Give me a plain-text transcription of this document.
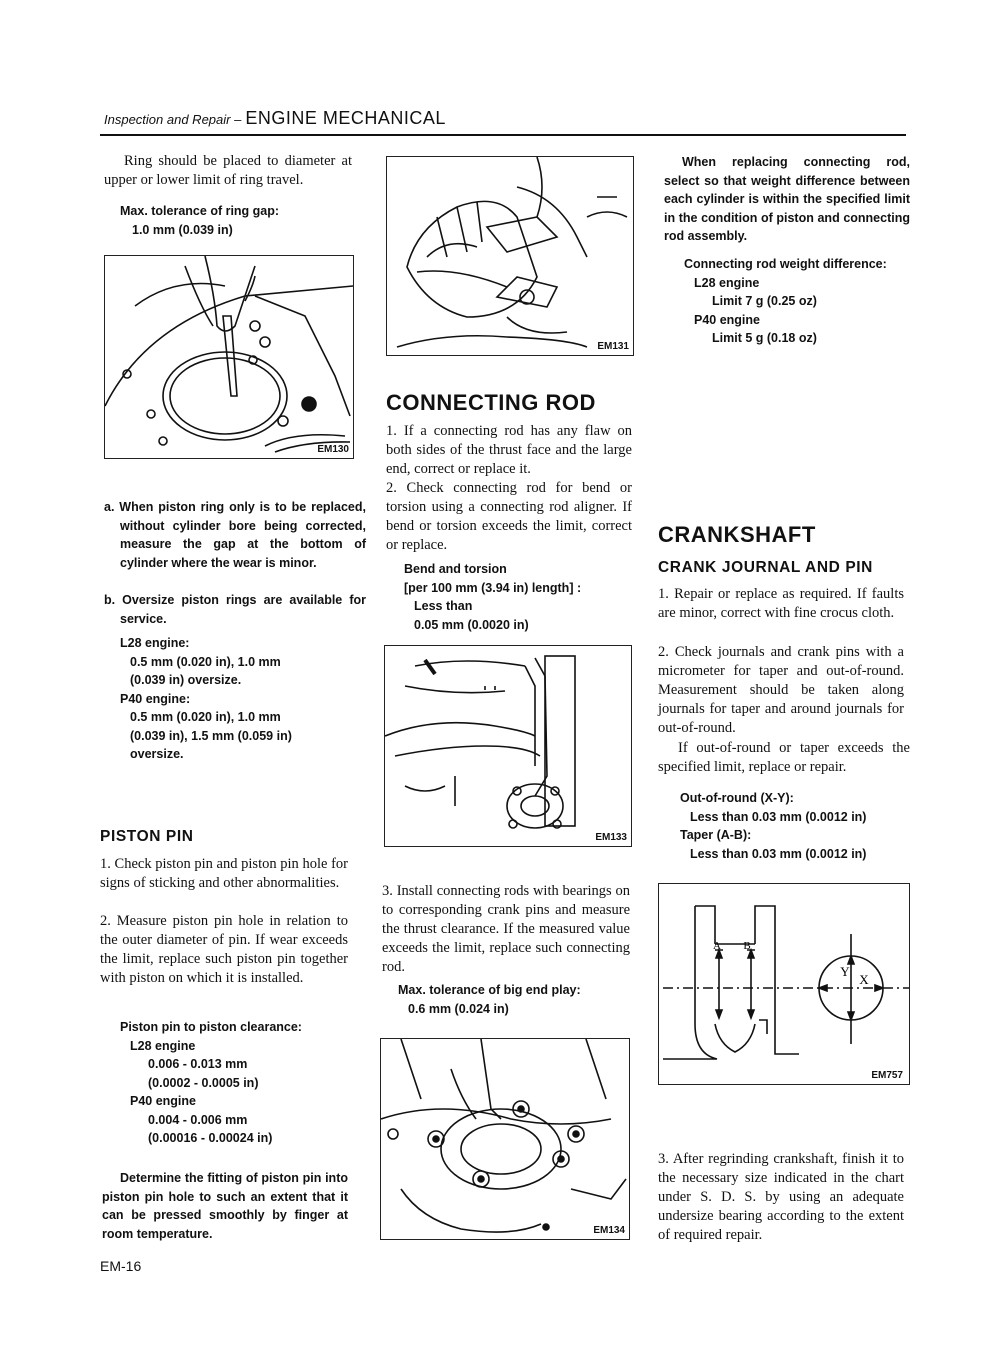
Inspection and Repair – ENGINE MECHANICAL

Ring should be placed to diameter at upper or lower limit of ring travel.

Max. tolerance of ring gap:
1.0 mm (0.039 in)
EM130

a. When piston ring only is to be replaced, without cylinder bore being corrected, measure the gap at the bottom of cylinder where the wear is minor.

b. Oversize piston rings are available for service.

L28 engine:
0.5 mm (0.020 in), 1.0 mm
(0.039 in) oversize.
P40 engine:
0.5 mm (0.020 in), 1.0 mm
(0.039 in), 1.5 mm (0.059 in)
oversize.
PISTON PIN

1. Check piston pin and piston pin hole for signs of sticking and other abnormalities.

2. Measure piston pin hole in relation to the outer diameter of pin. If wear exceeds the limit, replace such piston pin together with piston on which it is installed.

Piston pin to piston clearance:
L28 engine
0.006 - 0.013 mm
(0.0002 - 0.0005 in)
P40 engine
0.004 - 0.006 mm
(0.00016 - 0.00024 in)

Determine the fitting of piston pin into piston pin hole to such an extent that it can be pressed smoothly by finger at room temperature.

EM-16
EM131
CONNECTING ROD

1. If a connecting rod has any flaw on both sides of the thrust face and the large end, correct or replace it.

2. Check connecting rod for bend or torsion using a connecting rod aligner. If bend or torsion exceeds the limit, correct or replace.

Bend and torsion
[per 100 mm (3.94 in) length] :
Less than
0.05 mm (0.0020 in)
EM133

3. Install connecting rods with bearings on to corresponding crank pins and measure the thrust clearance. If the measured value exceeds the limit, replace such connecting rod.

Max. tolerance of big end play:
0.6 mm (0.024 in)
EM134

When replacing connecting rod, select so that weight difference between each cylinder is within the specified limit in the condition of piston and connecting rod assembly.

Connecting rod weight difference:
L28 engine
Limit 7 g (0.25 oz)
P40 engine
Limit 5 g (0.18 oz)
CRANKSHAFT
CRANK JOURNAL AND PIN

1. Repair or replace as required. If faults are minor, correct with fine crocus cloth.

2. Check journals and crank pins with a micrometer for taper and out-of-round. Measurement should be taken along journals for taper and around journals for out-of-round.

If out-of-round or taper exceeds the specified limit, replace or repair.

Out-of-round (X-Y):
Less than 0.03 mm (0.0012 in)
Taper (A-B):
Less than 0.03 mm (0.0012 in)
A B
Y
X
EM757

3. After regrinding crankshaft, finish it to the necessary size indicated in the chart under S. D. S. by using an adequate undersize bearing according to the extent of required repair.
